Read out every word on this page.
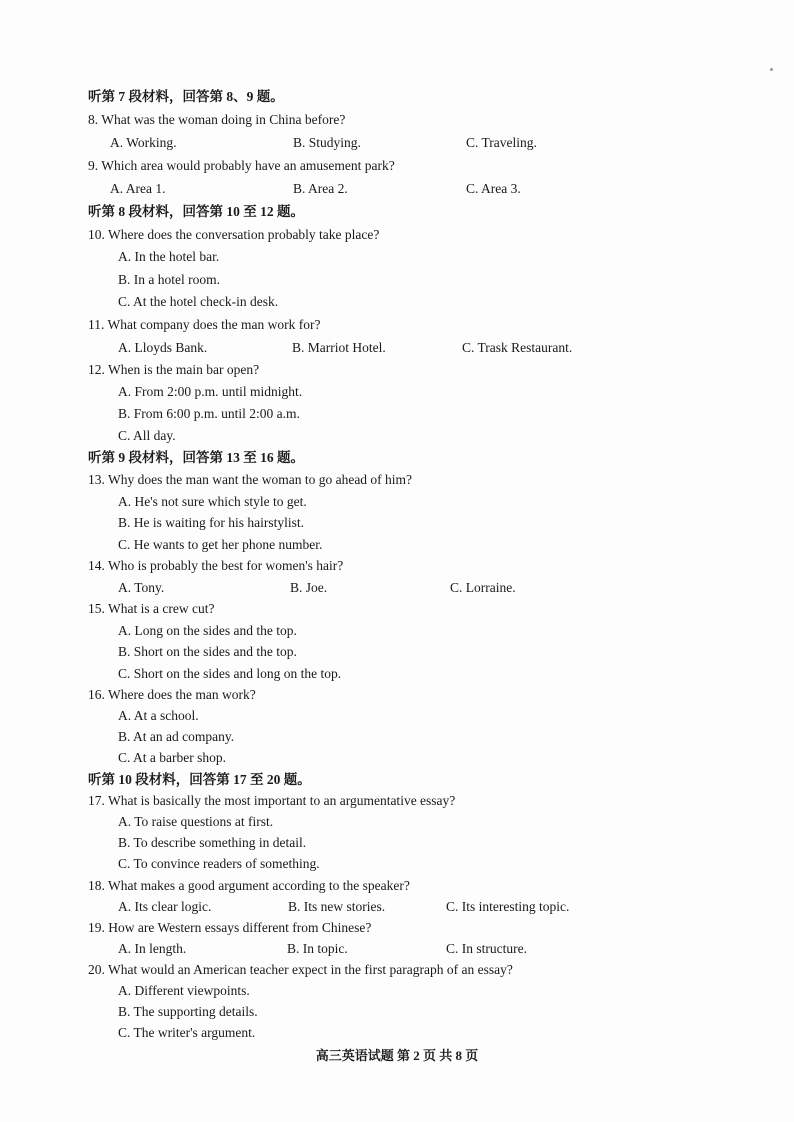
听第 7 段材料，回答第 8、9 题。
8. What was the woman doing in China before?
A. Working.	B. Studying.	C. Traveling.
9. Which area would probably have an amusement park?
A. Area 1.	B. Area 2.	C. Area 3.
听第 8 段材料，回答第 10 至 12 题。
10. Where does the conversation probably take place?
A. In the hotel bar.
B. In a hotel room.
C. At the hotel check-in desk.
11. What company does the man work for?
A. Lloyds Bank.	B. Marriot Hotel.	C. Trask Restaurant.
12. When is the main bar open?
A. From 2:00 p.m. until midnight.
B. From 6:00 p.m. until 2:00 a.m.
C. All day.
听第 9 段材料，回答第 13 至 16 题。
13. Why does the man want the woman to go ahead of him?
A. He's not sure which style to get.
B. He is waiting for his hairstylist.
C. He wants to get her phone number.
14. Who is probably the best for women's hair?
A. Tony.	B. Joe.	C. Lorraine.
15. What is a crew cut?
A. Long on the sides and the top.
B. Short on the sides and the top.
C. Short on the sides and long on the top.
16. Where does the man work?
A. At a school.
B. At an ad company.
C. At a barber shop.
听第 10 段材料，回答第 17 至 20 题。
17. What is basically the most important to an argumentative essay?
A. To raise questions at first.
B. To describe something in detail.
C. To convince readers of something.
18. What makes a good argument according to the speaker?
A. Its clear logic.	B. Its new stories.	C. Its interesting topic.
19. How are Western essays different from Chinese?
A. In length.	B. In topic.	C. In structure.
20. What would an American teacher expect in the first paragraph of an essay?
A. Different viewpoints.
B. The supporting details.
C. The writer's argument.
高三英语试题 第 2 页 共 8 页
